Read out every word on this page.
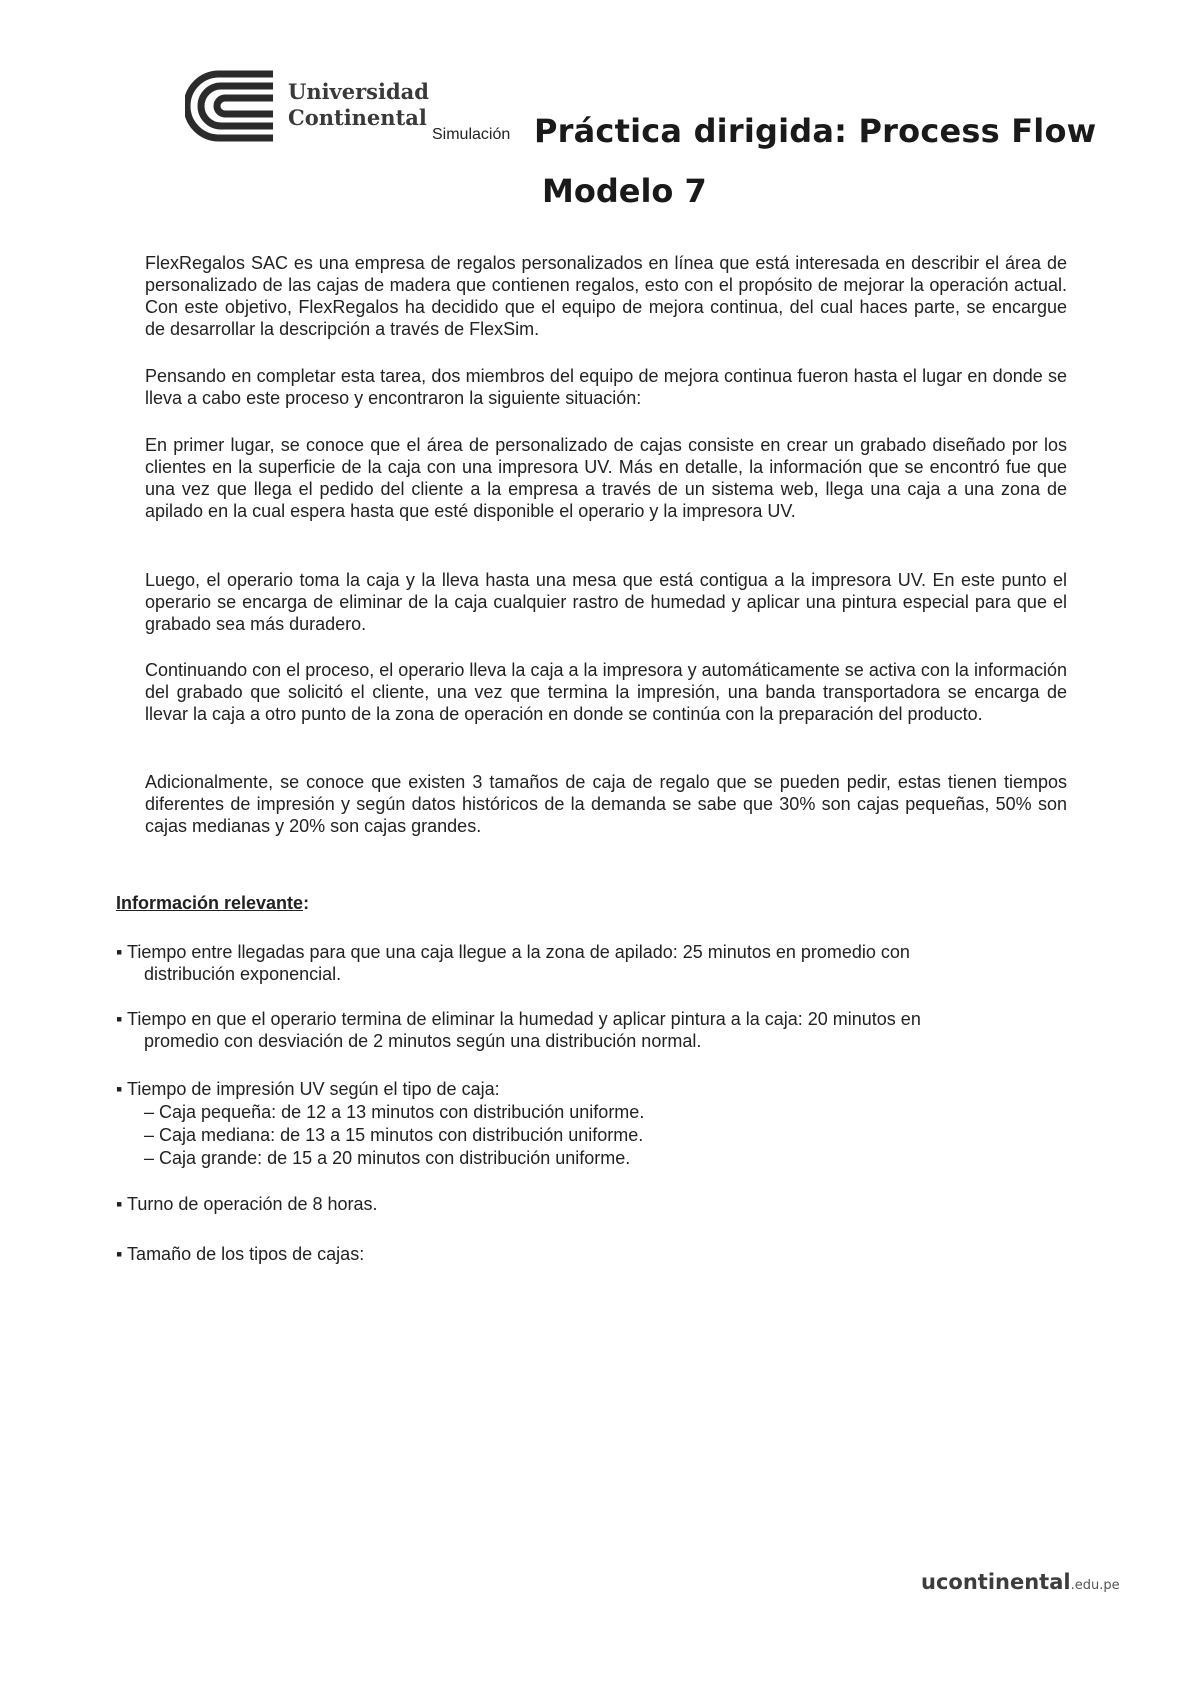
Universidad
Continental
Simulación Práctica dirigida: Process Flow
Modelo 7

FlexRegalos SAC es una empresa de regalos personalizados en línea que está interesada en describir el área de personalizado de las cajas de madera que contienen regalos, esto con el propósito de mejorar la operación actual. Con este objetivo, FlexRegalos ha decidido que el equipo de mejora continua, del cual haces parte, se encargue de desarrollar la descripción a través de FlexSim.

Pensando en completar esta tarea, dos miembros del equipo de mejora continua fueron hasta el lugar en donde se lleva a cabo este proceso y encontraron la siguiente situación:

En primer lugar, se conoce que el área de personalizado de cajas consiste en crear un grabado diseñado por los clientes en la superficie de la caja con una impresora UV. Más en detalle, la información que se encontró fue que una vez que llega el pedido del cliente a la empresa a través de un sistema web, llega una caja a una zona de apilado en la cual espera hasta que esté disponible el operario y la impresora UV.

Luego, el operario toma la caja y la lleva hasta una mesa que está contigua a la impresora UV. En este punto el operario se encarga de eliminar de la caja cualquier rastro de humedad y aplicar una pintura especial para que el grabado sea más duradero.

Continuando con el proceso, el operario lleva la caja a la impresora y automáticamente se activa con la información del grabado que solicitó el cliente, una vez que termina la impresión, una banda transportadora se encarga de llevar la caja a otro punto de la zona de operación en donde se continúa con la preparación del producto.

Adicionalmente, se conoce que existen 3 tamaños de caja de regalo que se pueden pedir, estas tienen tiempos diferentes de impresión y según datos históricos de la demanda se sabe que 30% son cajas pequeñas, 50% son cajas medianas y 20% son cajas grandes.

Información relevante:

▪ Tiempo entre llegadas para que una caja llegue a la zona de apilado: 25 minutos en promedio con
distribución exponencial.

▪ Tiempo en que el operario termina de eliminar la humedad y aplicar pintura a la caja: 20 minutos en
promedio con desviación de 2 minutos según una distribución normal.

▪ Tiempo de impresión UV según el tipo de caja:

– Caja pequeña: de 12 a 13 minutos con distribución uniforme.

– Caja mediana: de 13 a 15 minutos con distribución uniforme.

– Caja grande: de 15 a 20 minutos con distribución uniforme.

▪ Turno de operación de 8 horas.

▪ Tamaño de los tipos de cajas:

ucontinental.edu.pe
